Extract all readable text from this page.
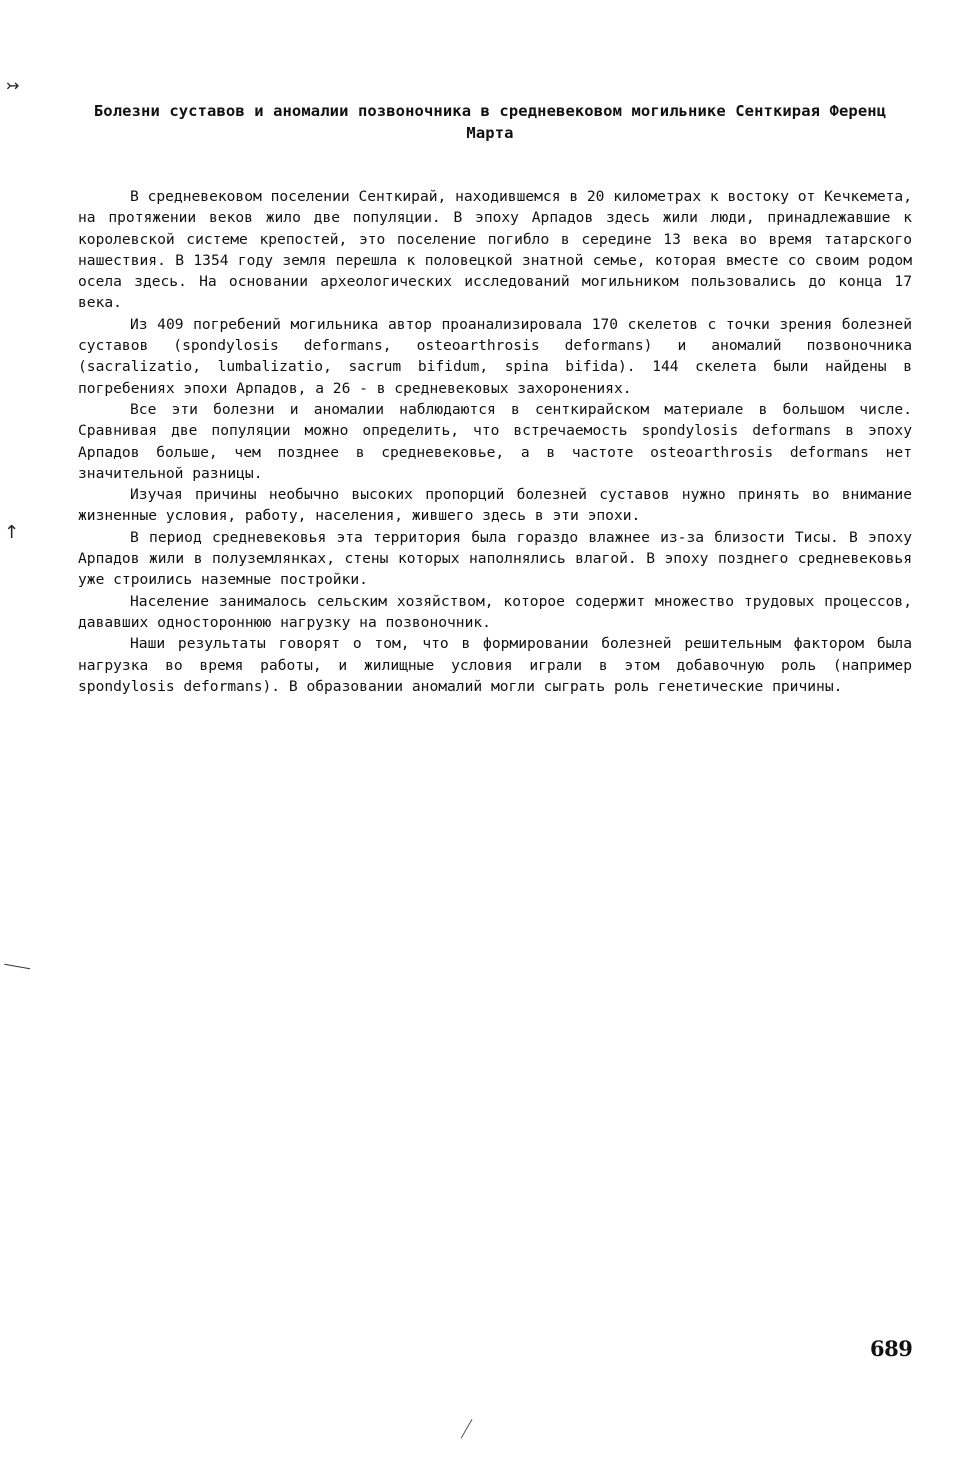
↣
↑
Болезни суставов и аномалии позвоночника в средневековом могильнике Сенткирая Ференц Марта

В средневековом поселении Сенткирай, находившемся в 20 километрах к востоку от Кечкемета, на протяжении веков жило две популяции. В эпоху Арпадов здесь жили люди, принадлежавшие к королевской системе крепостей, это поселение погибло в середине 13 века во время татарского нашествия. В 1354 году земля перешла к половецкой знатной семье, которая вместе со своим родом осела здесь. На основании археологических исследований могильником пользовались до конца 17 века.

Из 409 погребений могильника автор проанализировала 170 скелетов с точки зрения болезней суставов (spondylosis deformans, osteoarthrosis deformans) и аномалий позвоночника (sacralizatio, lumbalizatio, sacrum bifidum, spina bifida). 144 скелета были найдены в погребениях эпохи Арпадов, а 26 - в средневековых захоронениях.

Все эти болезни и аномалии наблюдаются в сенткирайском материале в большом числе. Сравнивая две популяции можно определить, что встречаемость spondylosis deformans в эпоху Арпадов больше, чем позднее в средневековье, а в частоте osteoarthrosis deformans нет значительной разницы.

Изучая причины необычно высоких пропорций болезней суставов нужно принять во внимание жизненные условия, работу, населения, жившего здесь в эти эпохи.

В период средневековья эта территория была гораздо влажнее из-за близости Тисы. В эпоху Арпадов жили в полуземлянках, стены которых наполнялись влагой. В эпоху позднего средневековья уже строились наземные постройки.

Население занималось сельским хозяйством, которое содержит множество трудовых процессов, дававших одностороннюю нагрузку на позвоночник.

Наши результаты говорят о том, что в формировании болезней решительным фактором была нагрузка во время работы, и жилищные условия играли в этом добавочную роль (например spondylosis deformans). В образовании аномалий могли сыграть роль генетические причины.

689
